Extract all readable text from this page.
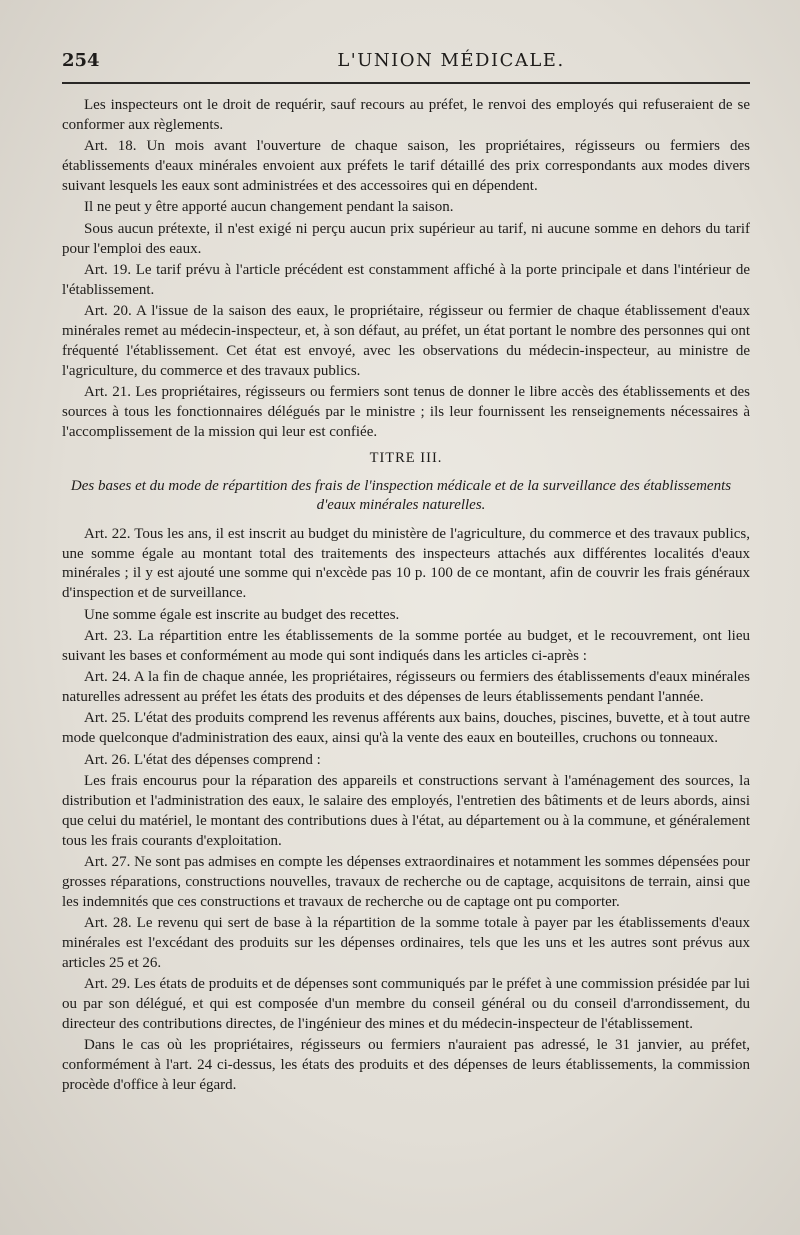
254	L'UNION MÉDICALE.

Les inspecteurs ont le droit de requérir, sauf recours au préfet, le renvoi des employés qui refuseraient de se conformer aux règlements.

Art. 18. Un mois avant l'ouverture de chaque saison, les propriétaires, régisseurs ou fermiers des établissements d'eaux minérales envoient aux préfets le tarif détaillé des prix correspondants aux modes divers suivant lesquels les eaux sont administrées et des accessoires qui en dépendent.

Il ne peut y être apporté aucun changement pendant la saison.

Sous aucun prétexte, il n'est exigé ni perçu aucun prix supérieur au tarif, ni aucune somme en dehors du tarif pour l'emploi des eaux.

Art. 19. Le tarif prévu à l'article précédent est constamment affiché à la porte principale et dans l'intérieur de l'établissement.

Art. 20. A l'issue de la saison des eaux, le propriétaire, régisseur ou fermier de chaque établissement d'eaux minérales remet au médecin-inspecteur, et, à son défaut, au préfet, un état portant le nombre des personnes qui ont fréquenté l'établissement. Cet état est envoyé, avec les observations du médecin-inspecteur, au ministre de l'agriculture, du commerce et des travaux publics.

Art. 21. Les propriétaires, régisseurs ou fermiers sont tenus de donner le libre accès des établissements et des sources à tous les fonctionnaires délégués par le ministre ; ils leur fournissent les renseignements nécessaires à l'accomplissement de la mission qui leur est confiée.

TITRE III.
Des bases et du mode de répartition des frais de l'inspection médicale et de la surveillance des établissements d'eaux minérales naturelles.

Art. 22. Tous les ans, il est inscrit au budget du ministère de l'agriculture, du commerce et des travaux publics, une somme égale au montant total des traitements des inspecteurs attachés aux différentes localités d'eaux minérales ; il y est ajouté une somme qui n'excède pas 10 p. 100 de ce montant, afin de couvrir les frais généraux d'inspection et de surveillance.

Une somme égale est inscrite au budget des recettes.

Art. 23. La répartition entre les établissements de la somme portée au budget, et le recouvrement, ont lieu suivant les bases et conformément au mode qui sont indiqués dans les articles ci-après :

Art. 24. A la fin de chaque année, les propriétaires, régisseurs ou fermiers des établissements d'eaux minérales naturelles adressent au préfet les états des produits et des dépenses de leurs établissements pendant l'année.

Art. 25. L'état des produits comprend les revenus afférents aux bains, douches, piscines, buvette, et à tout autre mode quelconque d'administration des eaux, ainsi qu'à la vente des eaux en bouteilles, cruchons ou tonneaux.

Art. 26. L'état des dépenses comprend :

Les frais encourus pour la réparation des appareils et constructions servant à l'aménagement des sources, la distribution et l'administration des eaux, le salaire des employés, l'entretien des bâtiments et de leurs abords, ainsi que celui du matériel, le montant des contributions dues à l'état, au département ou à la commune, et généralement tous les frais courants d'exploitation.

Art. 27. Ne sont pas admises en compte les dépenses extraordinaires et notamment les sommes dépensées pour grosses réparations, constructions nouvelles, travaux de recherche ou de captage, acquisitons de terrain, ainsi que les indemnités que ces constructions et travaux de recherche ou de captage ont pu comporter.

Art. 28. Le revenu qui sert de base à la répartition de la somme totale à payer par les établissements d'eaux minérales est l'excédant des produits sur les dépenses ordinaires, tels que les uns et les autres sont prévus aux articles 25 et 26.

Art. 29. Les états de produits et de dépenses sont communiqués par le préfet à une commission présidée par lui ou par son délégué, et qui est composée d'un membre du conseil général ou du conseil d'arrondissement, du directeur des contributions directes, de l'ingénieur des mines et du médecin-inspecteur de l'établissement.

Dans le cas où les propriétaires, régisseurs ou fermiers n'auraient pas adressé, le 31 janvier, au préfet, conformément à l'art. 24 ci-dessus, les états des produits et des dépenses de leurs établissements, la commission procède d'office à leur égard.
